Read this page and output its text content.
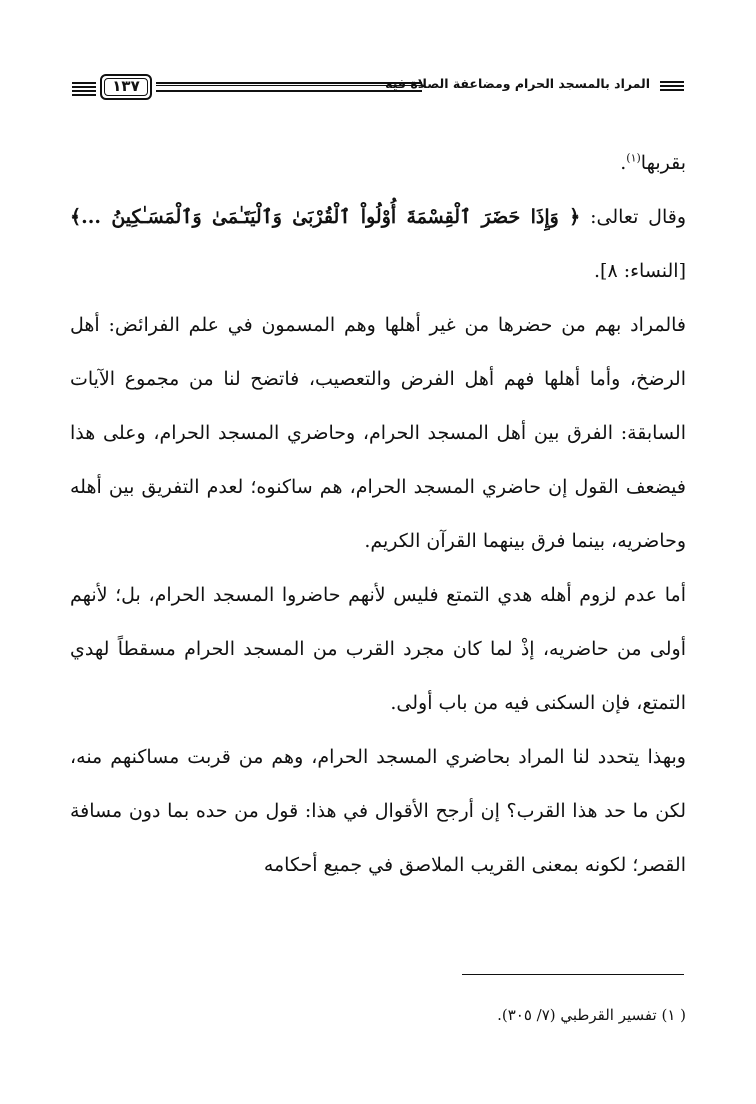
المراد بالمسجد الحرام ومضاعفة الصلاة فيه
١٣٧

بقربها$^{(١)}$.

وقال تعالى: ﴿ وَإِذَا حَضَرَ ٱلْقِسْمَةَ أُوْلُواْ ٱلْقُرْبَىٰ وَٱلْيَتَـٰمَىٰ وَٱلْمَسَـٰكِينُ ...﴾[النساء: ٨].

فالمراد بهم من حضرها من غير أهلها وهم المسمون في علم الفرائض: أهل الرضخ، وأما أهلها فهم أهل الفرض والتعصيب، فاتضح لنا من مجموع الآيات السابقة: الفرق بين أهل المسجد الحرام، وحاضري المسجد الحرام، وعلى هذا فيضعف القول إن حاضري المسجد الحرام، هم ساكنوه؛ لعدم التفريق بين أهله وحاضريه، بينما فرق بينهما القرآن الكريم.

أما عدم لزوم أهله هدي التمتع فليس لأنهم حاضروا المسجد الحرام، بل؛ لأنهم أولى من حاضريه، إذْ لما كان مجرد القرب من المسجد الحرام مسقطاً لهدي التمتع، فإن السكنى فيه من باب أولى.

وبهذا يتحدد لنا المراد بحاضري المسجد الحرام، وهم من قربت مساكنهم منه، لكن ما حد هذا القرب؟ إن أرجح الأقوال في هذا: قول من حده بما دون مسافة القصر؛ لكونه بمعنى القريب الملاصق في جميع أحكامه

( ١) تفسير القرطبي (٧/ ٣٠٥).
